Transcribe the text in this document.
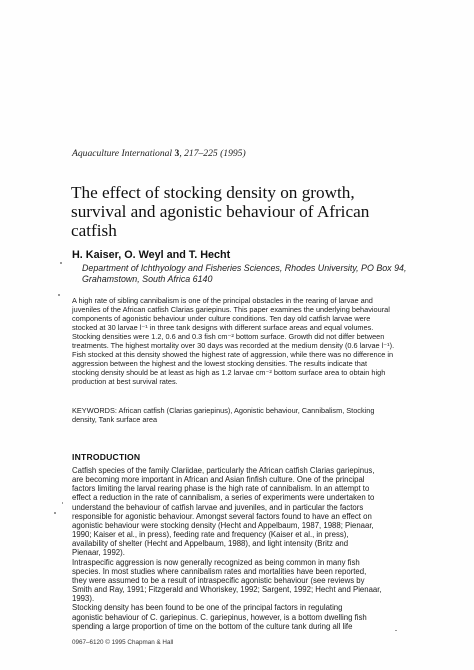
Aquaculture International 3, 217–225 (1995)
The effect of stocking density on growth,
survival and agonistic behaviour of African
catfish
H. Kaiser, O. Weyl and T. Hecht
Department of Ichthyology and Fisheries Sciences, Rhodes University, PO Box 94,
Grahamstown, South Africa 6140
A high rate of sibling cannibalism is one of the principal obstacles in the rearing of larvae and
juveniles of the African catfish Clarias gariepinus. This paper examines the underlying behavioural
components of agonistic behaviour under culture conditions. Ten day old catfish larvae were
stocked at 30 larvae l⁻¹ in three tank designs with different surface areas and equal volumes.
Stocking densities were 1.2, 0.6 and 0.3 fish cm⁻² bottom surface. Growth did not differ between
treatments. The highest mortality over 30 days was recorded at the medium density (0.6 larvae l⁻¹).
Fish stocked at this density showed the highest rate of aggression, while there was no difference in
aggression between the highest and the lowest stocking densities. The results indicate that
stocking density should be at least as high as 1.2 larvae cm⁻² bottom surface area to obtain high
production at best survival rates.
KEYWORDS: African catfish (Clarias gariepinus), Agonistic behaviour, Cannibalism, Stocking
density, Tank surface area
INTRODUCTION
Catfish species of the family Clariidae, particularly the African catfish Clarias gariepinus,
are becoming more important in African and Asian finfish culture. One of the principal
factors limiting the larval rearing phase is the high rate of cannibalism. In an attempt to
effect a reduction in the rate of cannibalism, a series of experiments were undertaken to
understand the behaviour of catfish larvae and juveniles, and in particular the factors
responsible for agonistic behaviour. Amongst several factors found to have an effect on
agonistic behaviour were stocking density (Hecht and Appelbaum, 1987, 1988; Pienaar,
1990; Kaiser et al., in press), feeding rate and frequency (Kaiser et al., in press),
availability of shelter (Hecht and Appelbaum, 1988), and light intensity (Britz and
Pienaar, 1992).
Intraspecific aggression is now generally recognized as being common in many fish
species. In most studies where cannibalism rates and mortalities have been reported,
they were assumed to be a result of intraspecific agonistic behaviour (see reviews by
Smith and Ray, 1991; Fitzgerald and Whoriskey, 1992; Sargent, 1992; Hecht and Pienaar,
1993).
Stocking density has been found to be one of the principal factors in regulating
agonistic behaviour of C. gariepinus. C. gariepinus, however, is a bottom dwelling fish
spending a large proportion of time on the bottom of the culture tank during all life
0967–6120 © 1995 Chapman & Hall
